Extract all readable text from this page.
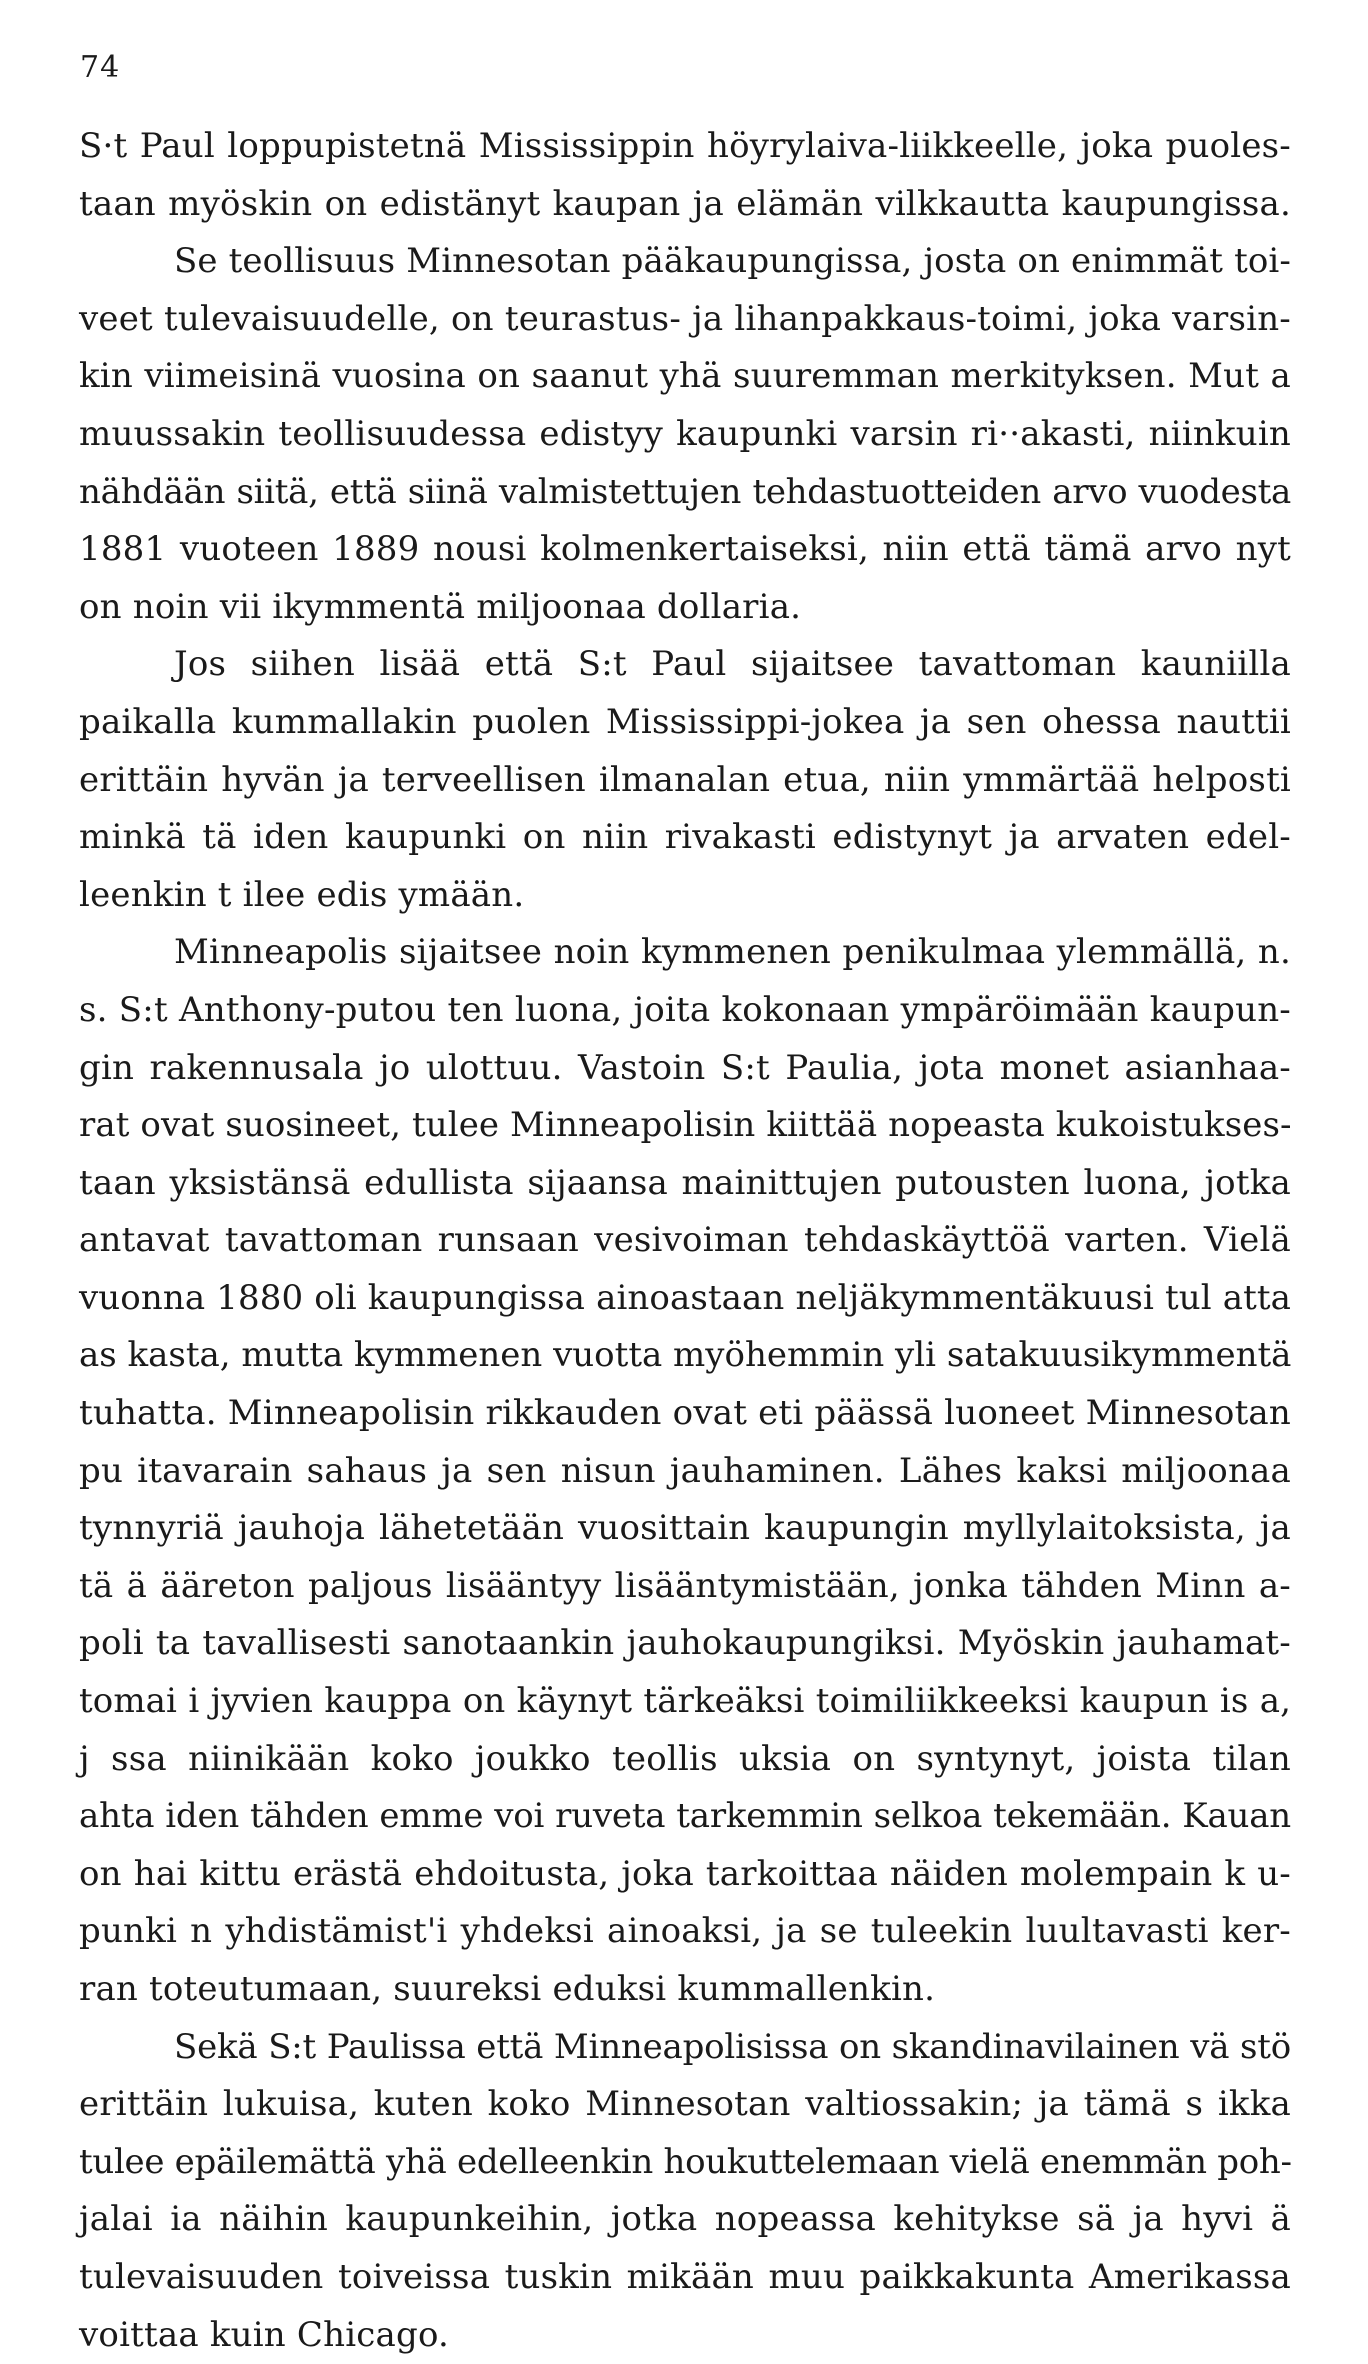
74
S·t Paul loppupistetnä Mississippin höyrylaiva-liikkeelle, joka puoles-
taan myöskin on edistänyt kaupan ja elämän vilkkautta kaupungissa.
Se teollisuus Minnesotan pääkaupungissa, josta on enimmät toi-
veet tulevaisuudelle, on teurastus- ja lihanpakkaus-toimi, joka varsin-
kin viimeisinä vuosina on saanut yhä suuremman merkityksen. Mut a
muussakin teollisuudessa edistyy kaupunki varsin ri··akasti, niinkuin
nähdään siitä, että siinä valmistettujen tehdastuotteiden arvo vuodesta
1881 vuoteen 1889 nousi kolmenkertaiseksi, niin että tämä arvo nyt
on noin vii ikymmentä miljoonaa dollaria.
Jos siihen lisää että S:t Paul sijaitsee tavattoman kauniilla
paikalla kummallakin puolen Mississippi-jokea ja sen ohessa nauttii
erittäin hyvän ja terveellisen ilmanalan etua, niin ymmärtää helposti
minkä tä iden kaupunki on niin rivakasti edistynyt ja arvaten edel-
leenkin t ilee edis ymään.
Minneapolis sijaitsee noin kymmenen penikulmaa ylemmällä, n.
s. S:t Anthony-putou ten luona, joita kokonaan ympäröimään kaupun-
gin rakennusala jo ulottuu. Vastoin S:t Paulia, jota monet asianhaa-
rat ovat suosineet, tulee Minneapolisin kiittää nopeasta kukoistukses-
taan yksistänsä edullista sijaansa mainittujen putousten luona, jotka
antavat tavattoman runsaan vesivoiman tehdaskäyttöä varten. Vielä
vuonna 1880 oli kaupungissa ainoastaan neljäkymmentäkuusi tul atta
as kasta, mutta kymmenen vuotta myöhemmin yli satakuusikymmentä
tuhatta. Minneapolisin rikkauden ovat eti päässä luoneet Minnesotan
pu itavarain sahaus ja sen nisun jauhaminen. Lähes kaksi miljoonaa
tynnyriä jauhoja lähetetään vuosittain kaupungin myllylaitoksista, ja
tä ä ääreton paljous lisääntyy lisääntymistään, jonka tähden Minn a-
poli ta tavallisesti sanotaankin jauhokaupungiksi. Myöskin jauhamat-
tomai i jyvien kauppa on käynyt tärkeäksi toimiliikkeeksi kaupun is a,
j ssa niinikään koko joukko teollis uksia on syntynyt, joista tilan
ahta iden tähden emme voi ruveta tarkemmin selkoa tekemään. Kauan
on hai kittu erästä ehdoitusta, joka tarkoittaa näiden molempain k u-
punki n yhdistämist'i yhdeksi ainoaksi, ja se tuleekin luultavasti ker-
ran toteutumaan, suureksi eduksi kummallenkin.
Sekä S:t Paulissa että Minneapolisissa on skandinavilainen vä stö
erittäin lukuisa, kuten koko Minnesotan valtiossakin; ja tämä s ikka
tulee epäilemättä yhä edelleenkin houkuttelemaan vielä enemmän poh-
jalai ia näihin kaupunkeihin, jotka nopeassa kehitykse sä ja hyvi ä
tulevaisuuden toiveissa tuskin mikään muu paikkakunta Amerikassa
voittaa kuin Chicago.
